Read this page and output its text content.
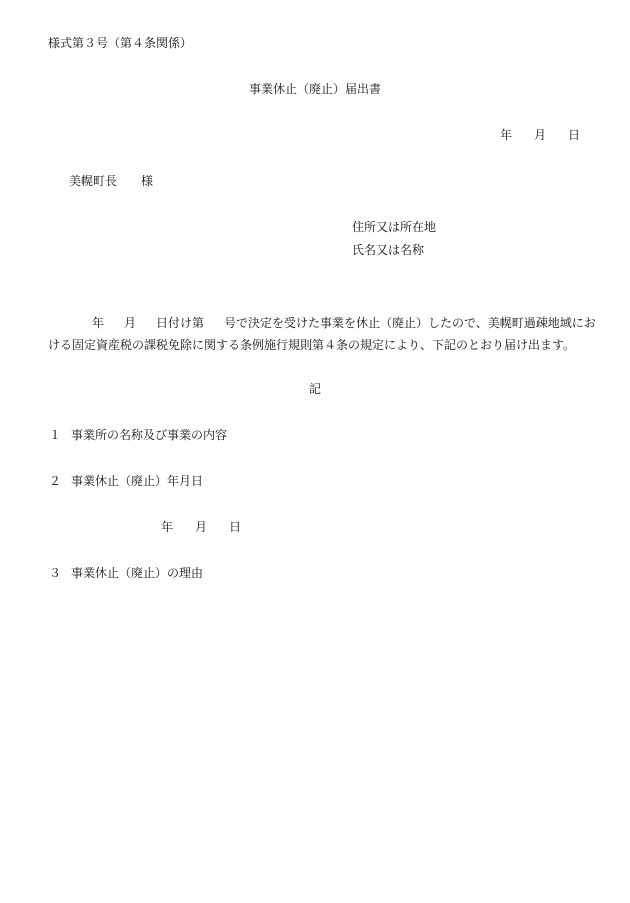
様式第３号（第４条関係）
事業休止（廃止）届出書
年 月 日
美幌町長 様
住所又は所在地
氏名又は名称
年 月 日付け第 号で決定を受けた事業を休止（廃止）したので、美幌町過疎地域にお
ける固定資産税の課税免除に関する条例施行規則第４条の規定により、下記のとおり届け出ます。
記
１ 事業所の名称及び事業の内容
２ 事業休止（廃止）年月日
年 月 日
３ 事業休止（廃止）の理由
